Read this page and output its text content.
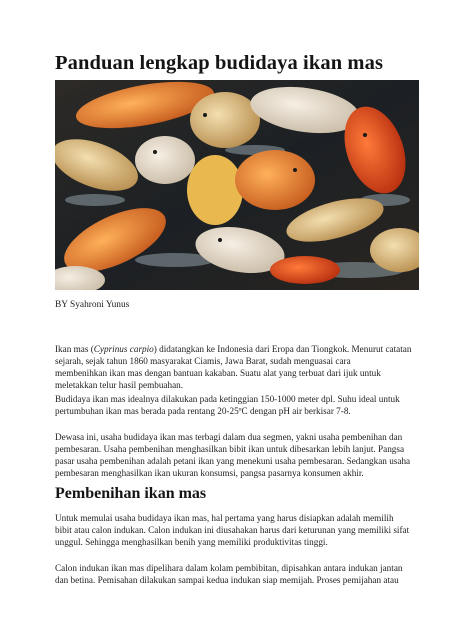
Panduan lengkap budidaya ikan mas

BY Syahroni Yunus

Ikan mas (Cyprinus carpio) didatangkan ke Indonesia dari Eropa dan Tiongkok. Menurut catatan
sejarah, sejak tahun 1860 masyarakat Ciamis, Jawa Barat, sudah menguasai cara
membenihkan ikan mas dengan bantuan kakaban. Suatu alat yang terbuat dari ijuk untuk
meletakkan telur hasil pembuahan.

Budidaya ikan mas idealnya dilakukan pada ketinggian 150-1000 meter dpl. Suhu ideal untuk
pertumbuhan ikan mas berada pada rentang 20-25ºC dengan pH air berkisar 7-8.

Dewasa ini, usaha budidaya ikan mas terbagi dalam dua segmen, yakni usaha pembenihan dan
pembesaran. Usaha pembenihan menghasilkan bibit ikan untuk dibesarkan lebih lanjut. Pangsa
pasar usaha pembenihan adalah petani ikan yang menekuni usaha pembesaran. Sedangkan usaha
pembesaran menghasilkan ikan ukuran konsumsi, pangsa pasarnya konsumen akhir.

Pembenihan ikan mas

Untuk memulai usaha budidaya ikan mas, hal pertama yang harus disiapkan adalah memilih
bibit atau calon indukan. Calon indukan ini diusahakan harus dari keturunan yang memiliki sifat
unggul. Sehingga menghasilkan benih yang memiliki produktivitas tinggi.

Calon indukan ikan mas dipelihara dalam kolam pembibitan, dipisahkan antara indukan jantan
dan betina. Pemisahan dilakukan sampai kedua indukan siap memijah. Proses pemijahan atau
